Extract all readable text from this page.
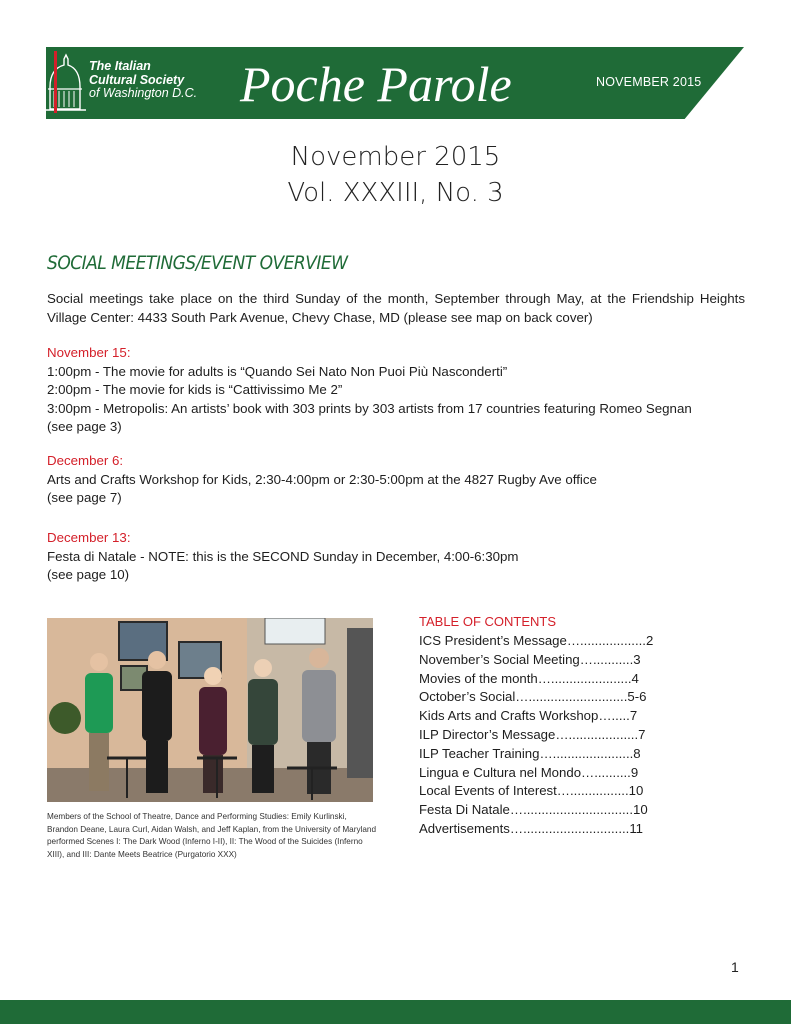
The Italian
Cultural Society
of Washington D.C. Poche Parole	NOVEMBER 2015
November 2015
Vol. XXXIII, No. 3
SOCIAL MEETINGS/EVENT OVERVIEW
Social meetings take place on the third Sunday of the month, September through May, at the Friendship Heights Village Center: 4433 South Park Avenue, Chevy Chase, MD (please see map on back cover)
November 15:
1:00pm - The movie for adults is “Quando Sei Nato Non Puoi Più Nasconderti”
2:00pm - The movie for kids is “Cattivissimo Me 2”
3:00pm - Metropolis: An artists’ book with 303 prints by 303 artists from 17 countries featuring Romeo Segnan
(see page 3)
December 6:
Arts and Crafts Workshop for Kids, 2:30-4:00pm or 2:30-5:00pm at the 4827 Rugby Ave office
(see page 7)
December 13:
Festa di Natale - NOTE: this is the SECOND Sunday in December, 4:00-6:30pm
(see page 10)
Members of the School of Theatre, Dance and Performing Studies: Emily Kurlinski, Brandon Deane, Laura Curl, Aidan Walsh, and Jeff Kaplan, from the University of Maryland performed Scenes I: The Dark Wood (Inferno I-II), II: The Wood of the Suicides (Inferno XIII), and III: Dante Meets Beatrice (Purgatorio XXX)
TABLE OF CONTENTS
ICS President’s Message…..................2
November’s Social Meeting…...........3
Movies of the month…......................4
October’s Social…...........................5-6
Kids Arts and Crafts Workshop….....7
ILP Director’s Message…...................7
ILP Teacher Training…......................8
Lingua e Cultura nel Mondo…..........9
Local Events of Interest…................10
Festa Di Natale…..............................10
Advertisements….............................11
1
